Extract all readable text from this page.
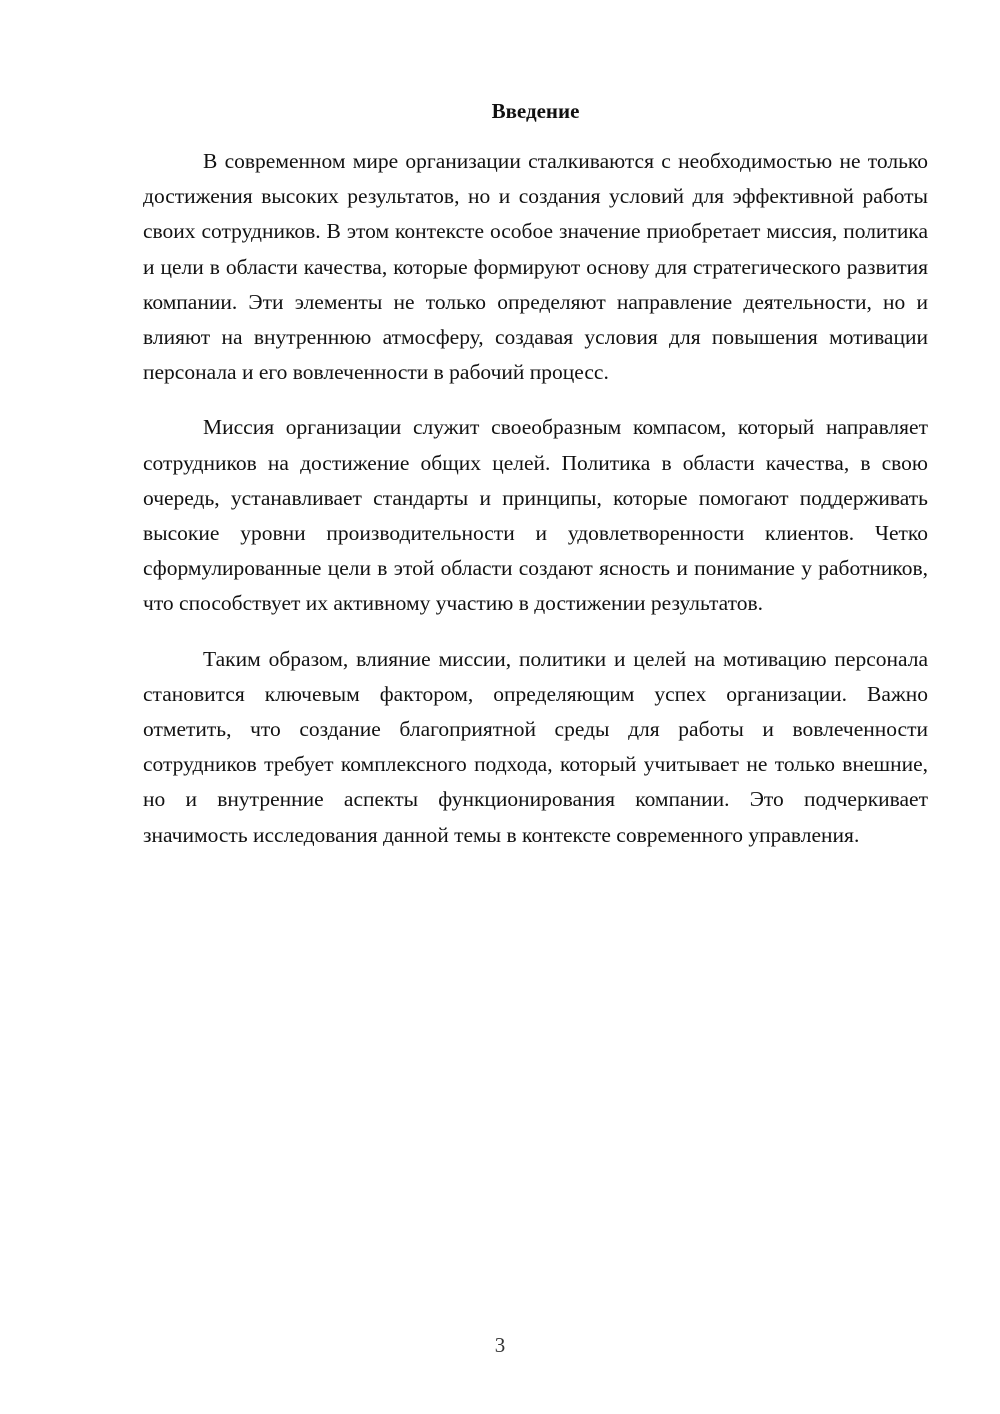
Введение

В современном мире организации сталкиваются с необходимостью не только достижения высоких результатов, но и создания условий для эффективной работы своих сотрудников. В этом контексте особое значение приобретает миссия, политика и цели в области качества, которые формируют основу для стратегического развития компании. Эти элементы не только определяют направление деятельности, но и влияют на внутреннюю атмосферу, создавая условия для повышения мотивации персонала и его вовлеченности в рабочий процесс.

Миссия организации служит своеобразным компасом, который направляет сотрудников на достижение общих целей. Политика в области качества, в свою очередь, устанавливает стандарты и принципы, которые помогают поддерживать высокие уровни производительности и удовлетворенности клиентов. Четко сформулированные цели в этой области создают ясность и понимание у работников, что способствует их активному участию в достижении результатов.

Таким образом, влияние миссии, политики и целей на мотивацию персонала становится ключевым фактором, определяющим успех организации. Важно отметить, что создание благоприятной среды для работы и вовлеченности сотрудников требует комплексного подхода, который учитывает не только внешние, но и внутренние аспекты функционирования компании. Это подчеркивает значимость исследования данной темы в контексте современного управления.

3
